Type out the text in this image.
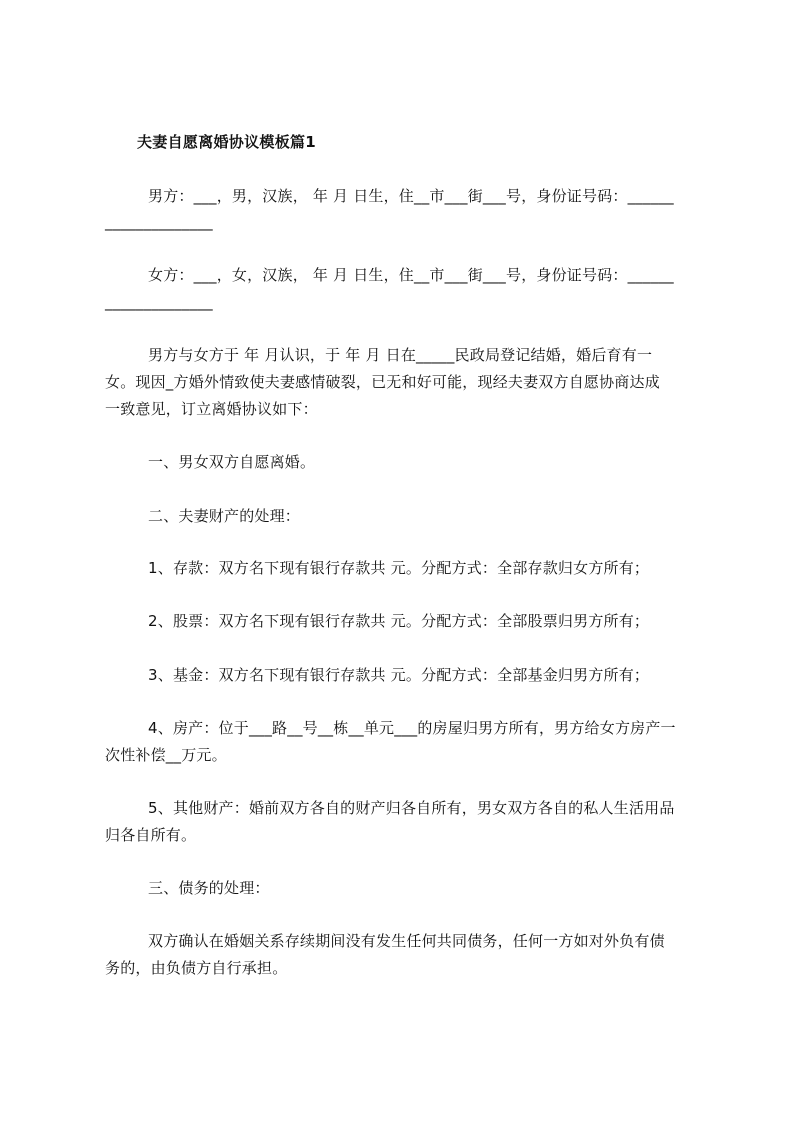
夫妻自愿离婚协议模板篇1
男方：___，男，汉族， 年 月 日生，住__市___街___号，身份证号码：______
______________
女方：___，女，汉族， 年 月 日生，住__市___街___号，身份证号码：______
______________
男方与女方于 年 月认识，于 年 月 日在_____民政局登记结婚，婚后育有一
女。现因_方婚外情致使夫妻感情破裂，已无和好可能，现经夫妻双方自愿协商达成
一致意见，订立离婚协议如下：
一、男女双方自愿离婚。
二、夫妻财产的处理：
1、存款：双方名下现有银行存款共 元。分配方式：全部存款归女方所有；
2、股票：双方名下现有银行存款共 元。分配方式：全部股票归男方所有；
3、基金：双方名下现有银行存款共 元。分配方式：全部基金归男方所有；
4、房产：位于___路__号__栋__单元___的房屋归男方所有，男方给女方房产一
次性补偿__万元。
5、其他财产：婚前双方各自的财产归各自所有，男女双方各自的私人生活用品
归各自所有。
三、债务的处理：
双方确认在婚姻关系存续期间没有发生任何共同债务，任何一方如对外负有债
务的，由负债方自行承担。
